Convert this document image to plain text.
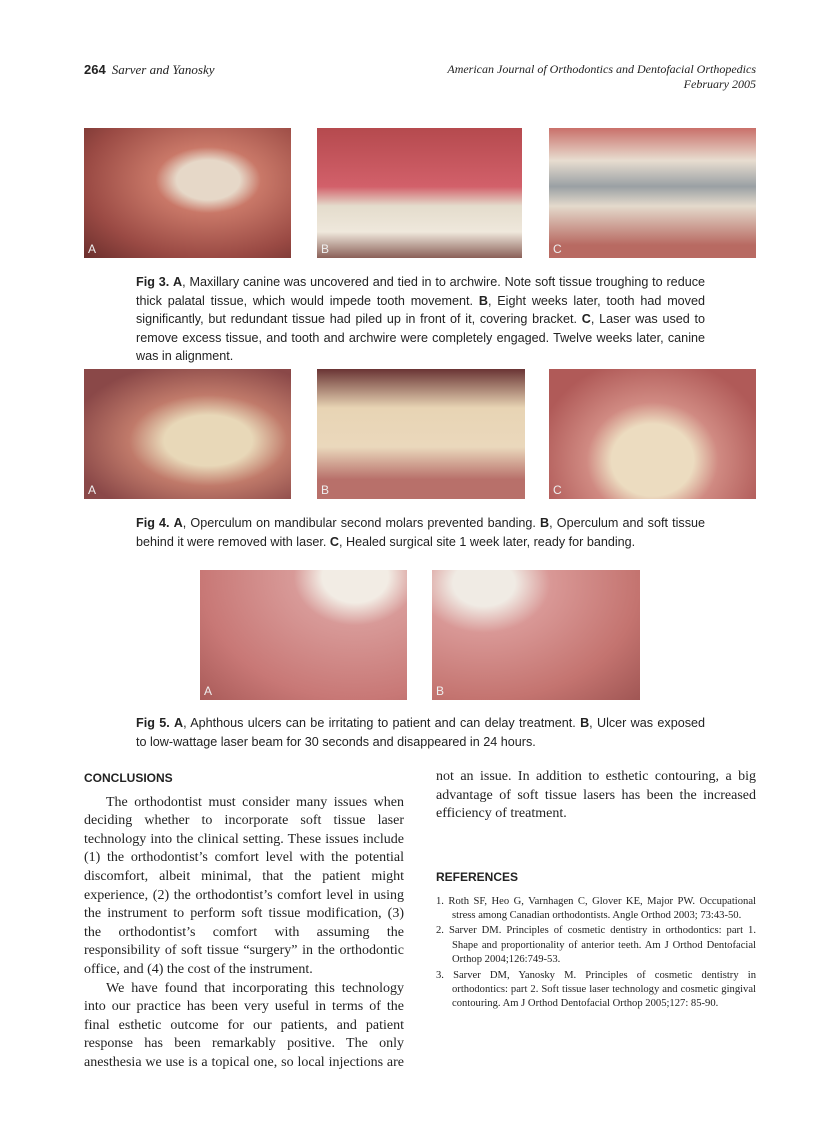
264 Sarver and Yanosky	American Journal of Orthodontics and Dentofacial Orthopedics
February 2005
A	B	C
Fig 3. A, Maxillary canine was uncovered and tied in to archwire. Note soft tissue troughing to reduce thick palatal tissue, which would impede tooth movement. B, Eight weeks later, tooth had moved significantly, but redundant tissue had piled up in front of it, covering bracket. C, Laser was used to remove excess tissue, and tooth and archwire were completely engaged. Twelve weeks later, canine was in alignment.
A	B	C
Fig 4. A, Operculum on mandibular second molars prevented banding. B, Operculum and soft tissue behind it were removed with laser. C, Healed surgical site 1 week later, ready for banding.
A	B
Fig 5. A, Aphthous ulcers can be irritating to patient and can delay treatment. B, Ulcer was exposed to low-wattage laser beam for 30 seconds and disappeared in 24 hours.
CONCLUSIONS

The orthodontist must consider many issues when deciding whether to incorporate soft tissue laser technology into the clinical setting. These issues include (1) the orthodontist’s comfort level with the potential discomfort, albeit minimal, that the patient might experience, (2) the orthodontist’s comfort level in using the instrument to perform soft tissue modification, (3) the orthodontist’s comfort with assuming the responsibility of soft tissue “surgery” in the orthodontic office, and (4) the cost of the instrument.

We have found that incorporating this technology into our practice has been very useful in terms of the final esthetic outcome for our patients, and patient response has been remarkably positive. The only anesthesia we use is a topical one, so local injections are

not an issue. In addition to esthetic contouring, a big advantage of soft tissue lasers has been the increased efficiency of treatment.
REFERENCES
1. Roth SF, Heo G, Varnhagen C, Glover KE, Major PW. Occupational stress among Canadian orthodontists. Angle Orthod 2003; 73:43-50.
2. Sarver DM. Principles of cosmetic dentistry in orthodontics: part 1. Shape and proportionality of anterior teeth. Am J Orthod Dentofacial Orthop 2004;126:749-53.
3. Sarver DM, Yanosky M. Principles of cosmetic dentistry in orthodontics: part 2. Soft tissue laser technology and cosmetic gingival contouring. Am J Orthod Dentofacial Orthop 2005;127: 85-90.
